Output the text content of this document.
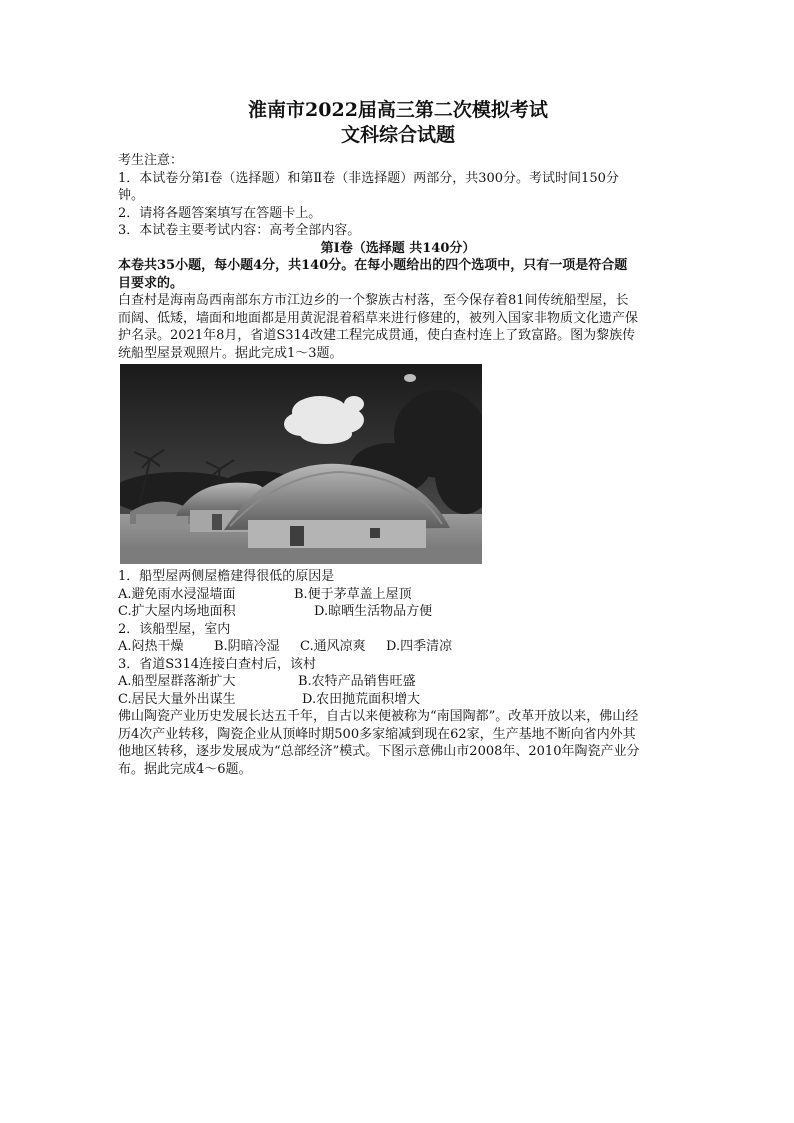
淮南市2022届高三第二次模拟考试

文科综合试题

考生注意：

1．本试卷分第Ⅰ卷（选择题）和第Ⅱ卷（非选择题）两部分，共300分。考试时间150分

钟。

2．请将各题答案填写在答题卡上。

3．本试卷主要考试内容：高考全部内容。

第Ⅰ卷（选择题 共140分）

本卷共35小题，每小题4分，共140分。在每小题给出的四个选项中，只有一项是符合题

目要求的。

白查村是海南岛西南部东方市江边乡的一个黎族古村落，至今保存着81间传统船型屋，长

而阔、低矮，墙面和地面都是用黄泥混着稻草来进行修建的，被列入国家非物质文化遗产保

护名录。2021年8月，省道S314改建工程完成贯通，使白查村连上了致富路。图为黎族传

统船型屋景观照片。据此完成1～3题。

1．船型屋两侧屋檐建得很低的原因是

A.避免雨水浸湿墙面	B.便于茅草盖上屋顶
C.扩大屋内场地面积	D.晾晒生活物品方便

2．该船型屋，室内

A.闷热干燥	B.阴暗冷湿	C.通风凉爽	D.四季清凉

3．省道S314连接白查村后，该村

A.船型屋群落渐扩大	B.农特产品销售旺盛
C.居民大量外出谋生	D.农田抛荒面积增大

佛山陶瓷产业历史发展长达五千年，自古以来便被称为“南国陶都”。改革开放以来，佛山经

历4次产业转移，陶瓷企业从顶峰时期500多家缩减到现在62家，生产基地不断向省内外其

他地区转移，逐步发展成为“总部经济”模式。下图示意佛山市2008年、2010年陶瓷产业分

布。据此完成4～6题。
